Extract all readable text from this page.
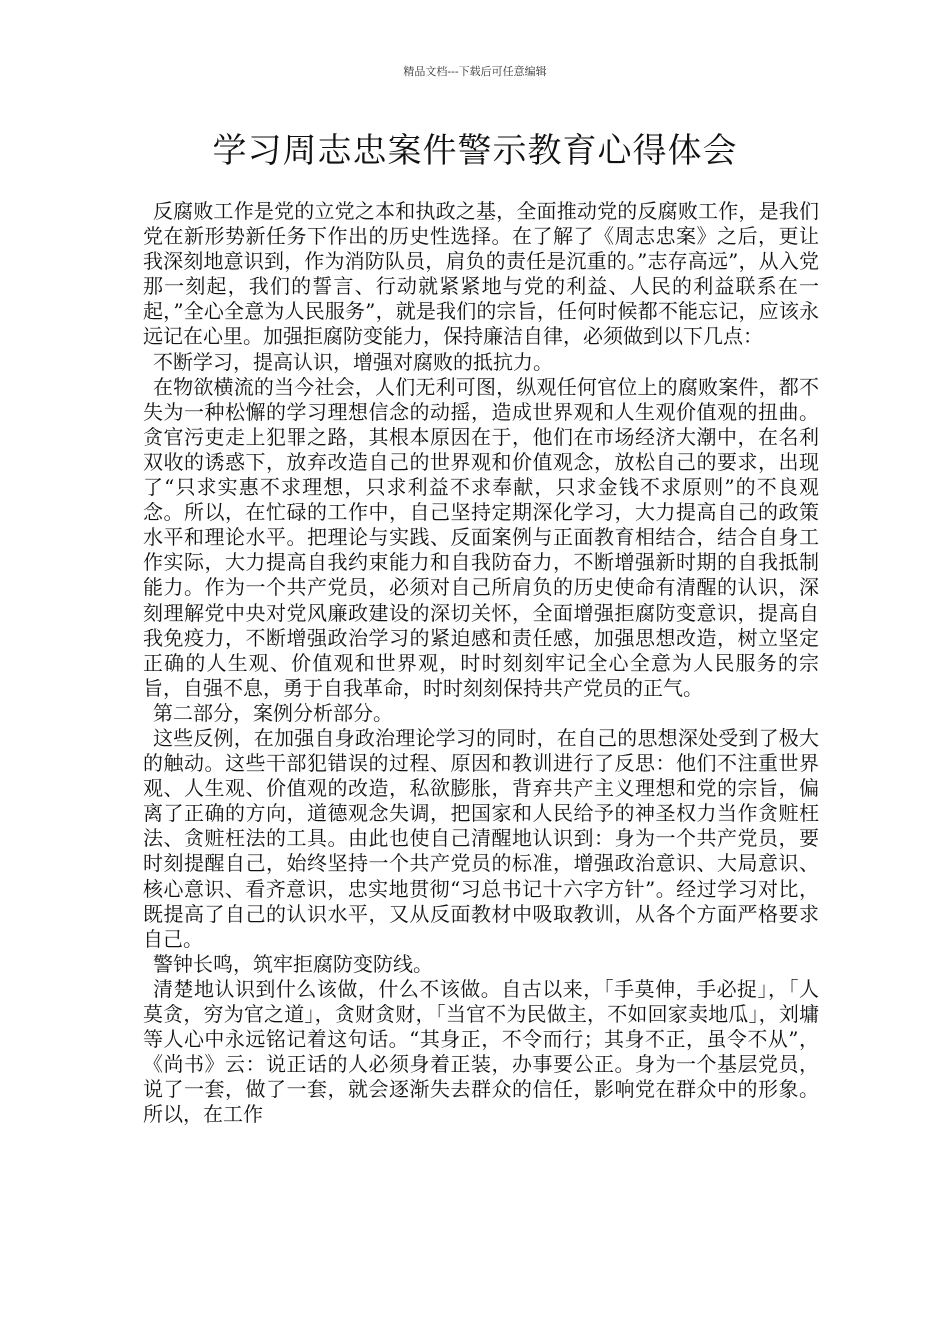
精品文档---下载后可任意编辑
学习周志忠案件警示教育心得体会

反腐败工作是党的立党之本和执政之基，全面推动党的反腐败工作，是我们党在新形势新任务下作出的历史性选择。在了解了《周志忠案》之后，更让我深刻地意识到，作为消防队员，肩负的责任是沉重的。”志存高远”，从入党那一刻起，我们的誓言、行动就紧紧地与党的利益、人民的利益联系在一起，”全心全意为人民服务”，就是我们的宗旨，任何时候都不能忘记，应该永远记在心里。加强拒腐防变能力，保持廉洁自律，必须做到以下几点：

不断学习，提高认识，增强对腐败的抵抗力。

在物欲横流的当今社会，人们无利可图，纵观任何官位上的腐败案件，都不失为一种松懈的学习理想信念的动摇，造成世界观和人生观价值观的扭曲。贪官污吏走上犯罪之路，其根本原因在于，他们在市场经济大潮中，在名利双收的诱惑下，放弃改造自己的世界观和价值观念，放松自己的要求，出现了“只求实惠不求理想，只求利益不求奉献，只求金钱不求原则”的不良观念。所以，在忙碌的工作中，自己坚持定期深化学习，大力提高自己的政策水平和理论水平。把理论与实践、反面案例与正面教育相结合，结合自身工作实际，大力提高自我约束能力和自我防奋力，不断增强新时期的自我抵制能力。作为一个共产党员，必须对自己所肩负的历史使命有清醒的认识，深刻理解党中央对党风廉政建设的深切关怀，全面增强拒腐防变意识，提高自我免疫力，不断增强政治学习的紧迫感和责任感，加强思想改造，树立坚定正确的人生观、价值观和世界观，时时刻刻牢记全心全意为人民服务的宗旨，自强不息，勇于自我革命，时时刻刻保持共产党员的正气。

第二部分，案例分析部分。

这些反例，在加强自身政治理论学习的同时，在自己的思想深处受到了极大的触动。这些干部犯错误的过程、原因和教训进行了反思：他们不注重世界观、人生观、价值观的改造，私欲膨胀，背弃共产主义理想和党的宗旨，偏离了正确的方向，道德观念失调，把国家和人民给予的神圣权力当作贪赃枉法、贪赃枉法的工具。由此也使自己清醒地认识到：身为一个共产党员，要时刻提醒自己，始终坚持一个共产党员的标准，增强政治意识、大局意识、核心意识、看齐意识，忠实地贯彻“习总书记十六字方针”。经过学习对比，既提高了自己的认识水平，又从反面教材中吸取教训，从各个方面严格要求自己。

警钟长鸣，筑牢拒腐防变防线。

清楚地认识到什么该做，什么不该做。自古以来，「手莫伸，手必捉」，「人莫贪，穷为官之道」，贪财贪财，「当官不为民做主，不如回家卖地瓜」，刘墉等人心中永远铭记着这句话。“其身正，不令而行；其身不正，虽令不从”，《尚书》云：说正话的人必须身着正装，办事要公正。身为一个基层党员，说了一套，做了一套，就会逐渐失去群众的信任，影响党在群众中的形象。所以，在工作
